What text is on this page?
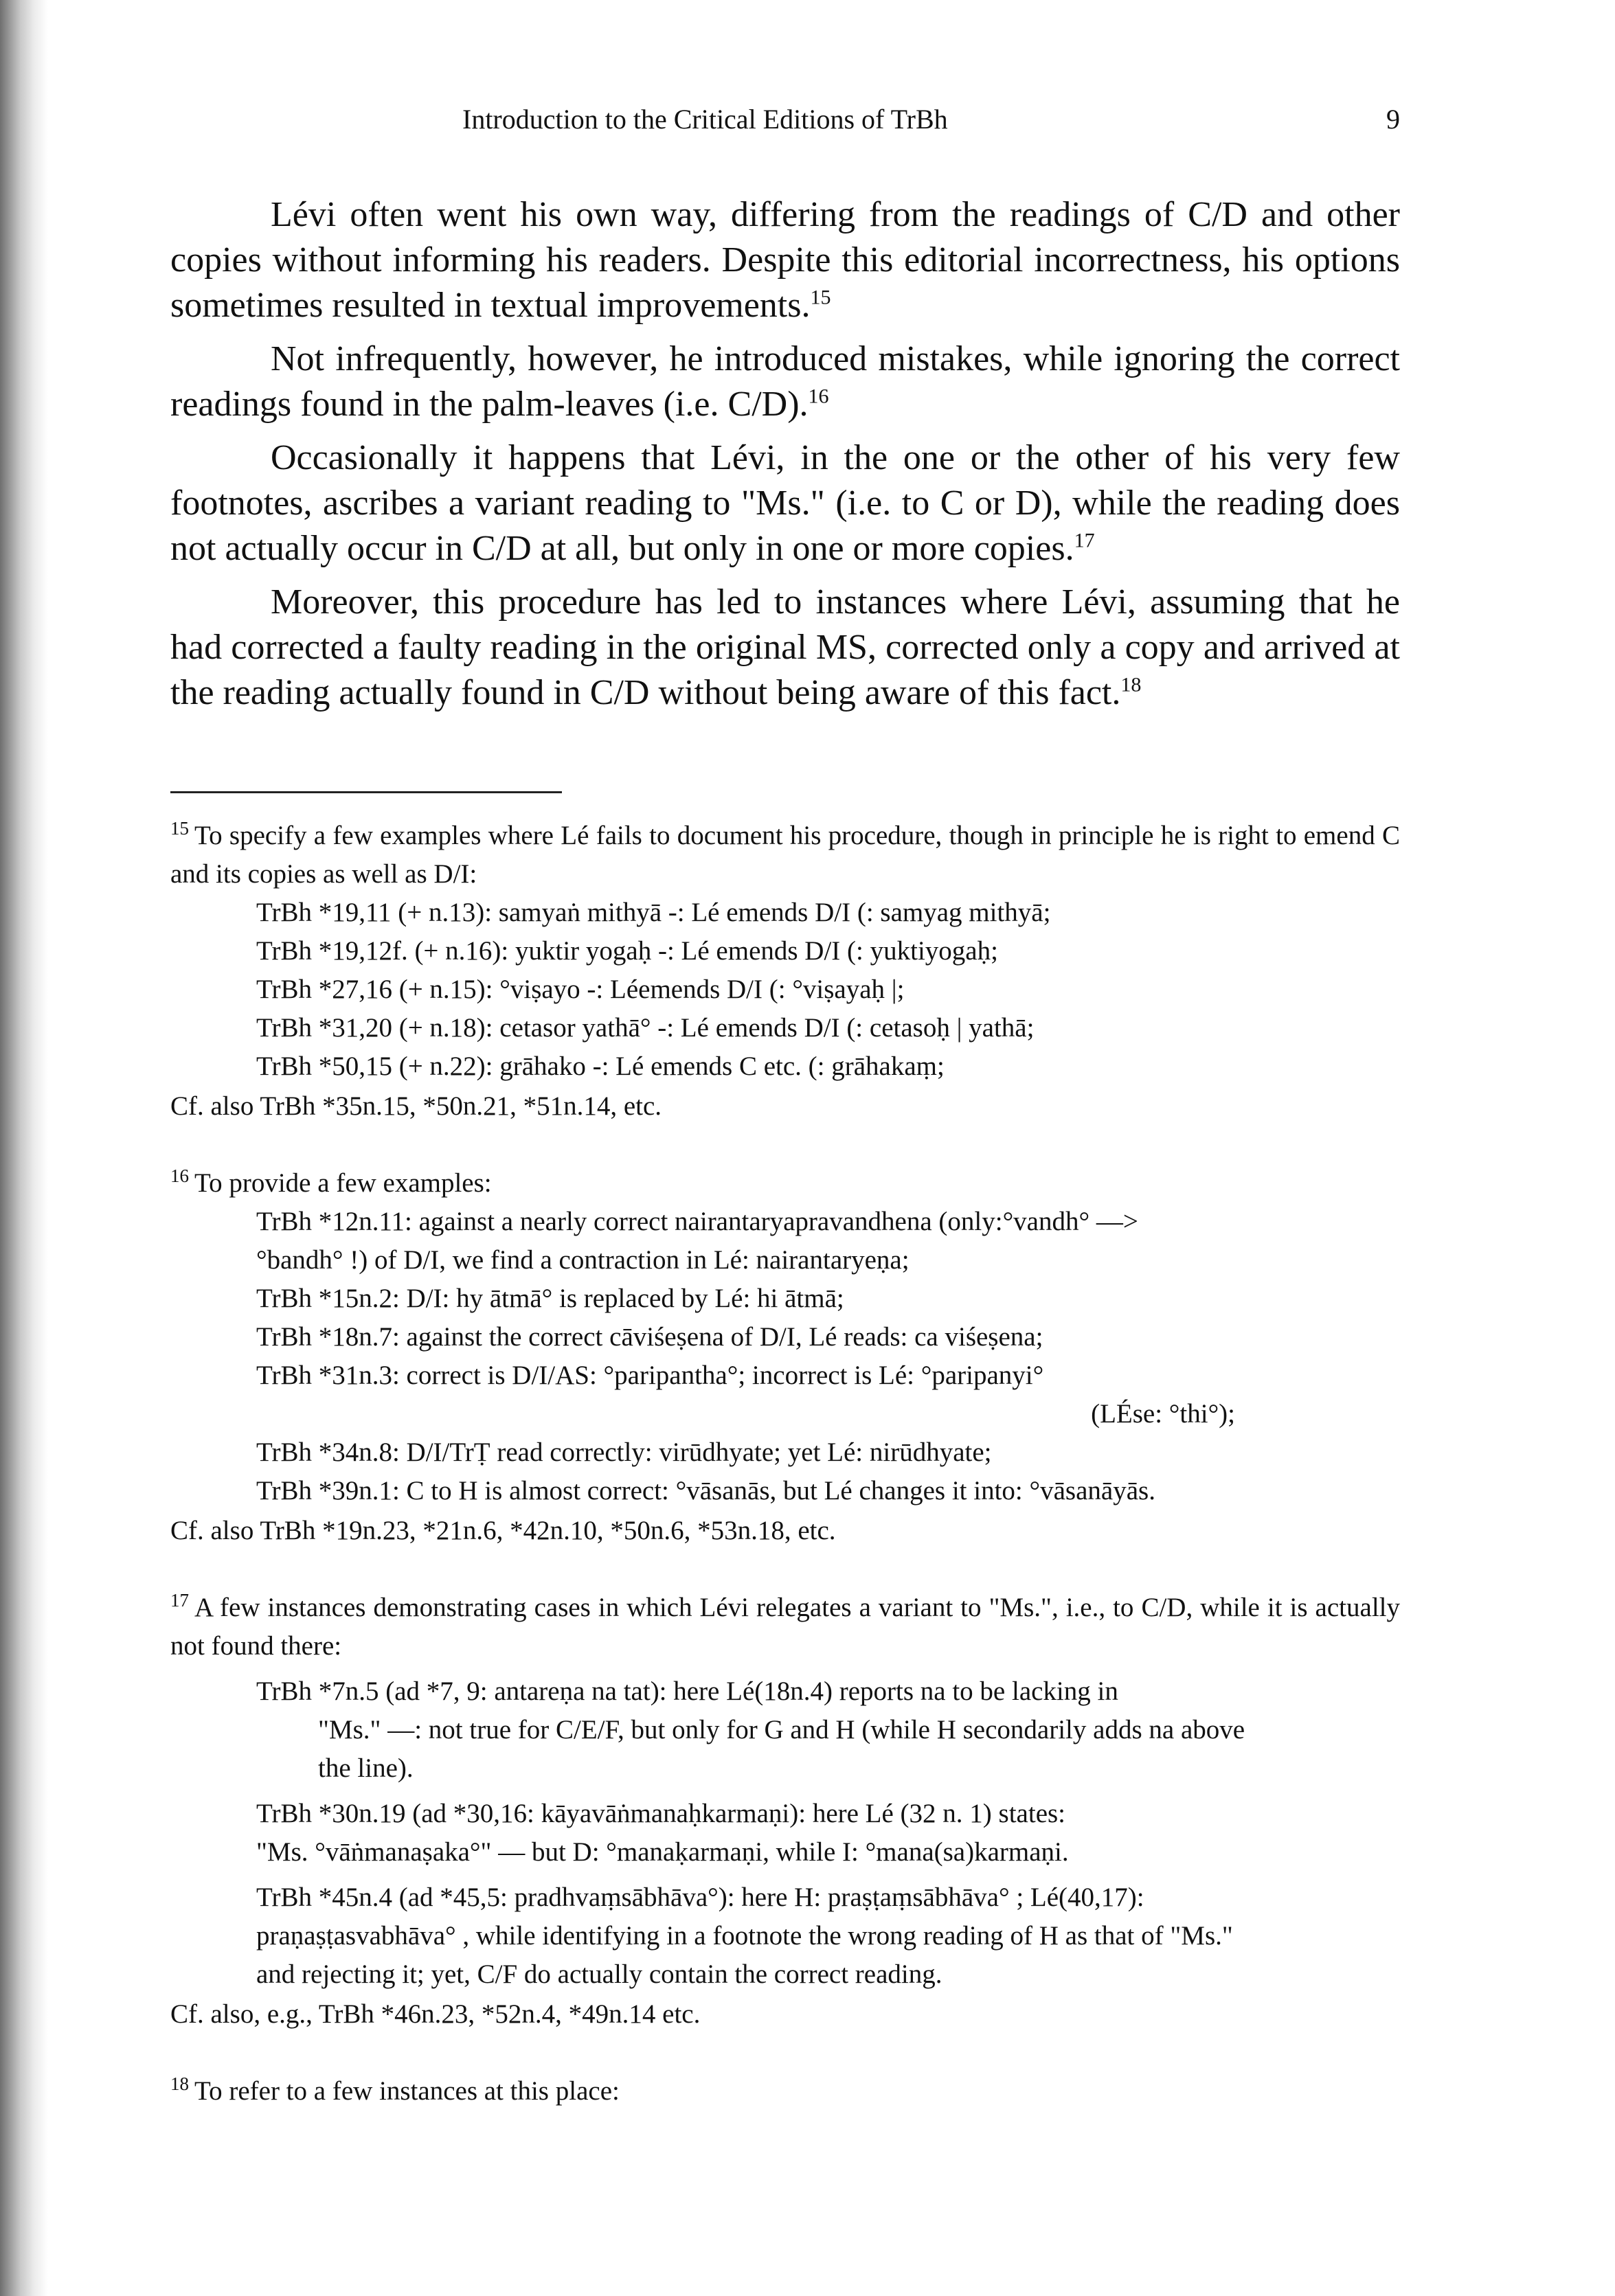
Introduction to the Critical Editions of TrBh	9

Lévi often went his own way, differing from the readings of C/D and other copies without informing his readers. Despite this editorial incorrectness, his options sometimes resulted in textual improvements.$^{15}$

Not infrequently, however, he introduced mistakes, while ignoring the correct readings found in the palm-leaves (i.e. C/D).$^{16}$

Occasionally it happens that Lévi, in the one or the other of his very few footnotes, ascribes a variant reading to "Ms." (i.e. to C or D), while the reading does not actually occur in C/D at all, but only in one or more copies.$^{17}$

Moreover, this procedure has led to instances where Lévi, assuming that he had corrected a faulty reading in the original MS, corrected only a copy and arrived at the reading actually found in C/D without being aware of this fact.$^{18}$

$^{15}$ To specify a few examples where Lé fails to document his procedure, though in principle he is right to emend C and its copies as well as D/I:
TrBh *19,11 (+ n.13): samyaṅ mithyā -: Lé emends D/I (: samyag mithyā;
TrBh *19,12f. (+ n.16): yuktir yogaḥ -: Lé emends D/I (: yuktiyogaḥ;
TrBh *27,16 (+ n.15): °viṣayo -: Léemends D/I (: °viṣayaḥ |;
TrBh *31,20 (+ n.18): cetasor yathā° -: Lé emends D/I (: cetasoḥ | yathā;
TrBh *50,15 (+ n.22): grāhako -: Lé emends C etc. (: grāhakaṃ;
Cf. also TrBh *35n.15, *50n.21, *51n.14, etc.
$^{16}$ To provide a few examples:
TrBh *12n.11: against a nearly correct nairantaryapravandhena (only:°vandh° —>
°bandh° !) of D/I, we find a contraction in Lé: nairantaryeṇa;
TrBh *15n.2: D/I: hy ātmā° is replaced by Lé: hi ātmā;
TrBh *18n.7: against the correct cāviśeṣena of D/I, Lé reads: ca viśeṣena;
TrBh *31n.3: correct is D/I/AS: °paripantha°; incorrect is Lé: °paripanyi°
(LÉse: °thi°);
TrBh *34n.8: D/I/TrṬ read correctly: virūdhyate; yet Lé: nirūdhyate;
TrBh *39n.1: C to H is almost correct: °vāsanās, but Lé changes it into: °vāsanāyās.
Cf. also TrBh *19n.23, *21n.6, *42n.10, *50n.6, *53n.18, etc.
$^{17}$ A few instances demonstrating cases in which Lévi relegates a variant to "Ms.", i.e., to C/D, while it is actually not found there:
TrBh *7n.5 (ad *7, 9: antareṇa na tat): here Lé(18n.4) reports na to be lacking in
"Ms." —: not true for C/E/F, but only for G and H (while H secondarily adds na above the line).
TrBh *30n.19 (ad *30,16: kāyavāṅmanaḥkarmaṇi): here Lé (32 n. 1) states:
"Ms. °vāṅmanaṣaka°" — but D: °manaḳarmaṇi, while I: °mana(sa)karmaṇi.
TrBh *45n.4 (ad *45,5: pradhvaṃsābhāva°): here H: praṣṭaṃsābhāva° ; Lé(40,17): praṇaṣṭasvabhāva° , while identifying in a footnote the wrong reading of H as that of "Ms." and rejecting it; yet, C/F do actually contain the correct reading.
Cf. also, e.g., TrBh *46n.23, *52n.4, *49n.14 etc.
$^{18}$ To refer to a few instances at this place:
